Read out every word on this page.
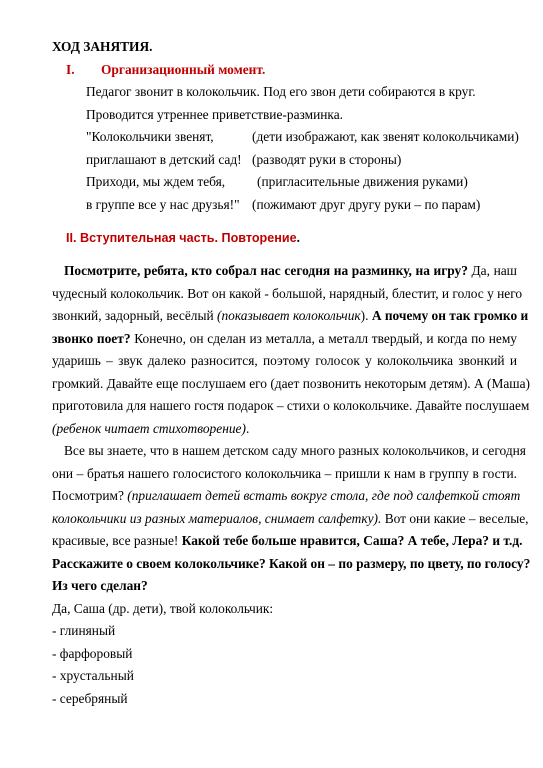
ХОД ЗАНЯТИЯ.
I. Организационный момент.
Педагог звонит в колокольчик. Под его звон дети собираются в круг.
Проводится утреннее приветствие-разминка.
"Колокольчики звенят,	(дети изображают, как звенят колокольчиками)
приглашают в детский сад! (разводят руки в стороны)
Приходи, мы ждем тебя, (пригласительные движения руками)
в группе все у нас друзья!" (пожимают друг другу руки – по парам)
II. Вступительная часть. Повторение.
Посмотрите, ребята, кто собрал нас сегодня на разминку, на игру? Да, наш
чудесный колокольчик. Вот он какой - большой, нарядный, блестит, и голос у него
звонкий, задорный, весёлый (показывает колокольчик). А почему он так громко и
звонко поет? Конечно, он сделан из металла, а металл твердый, и когда по нему
ударишь – звук далеко разносится, поэтому голосок у колокольчика звонкий и
громкий. Давайте еще послушаем его (дает позвонить некоторым детям). А (Маша)
приготовила для нашего гостя подарок – стихи о колокольчике. Давайте послушаем
(ребенок читает стихотворение).
Все вы знаете, что в нашем детском саду много разных колокольчиков, и сегодня
они – братья нашего голосистого колокольчика – пришли к нам в группу в гости.
Посмотрим? (приглашает детей встать вокруг стола, где под салфеткой стоят
колокольчики из разных материалов, снимает салфетку). Вот они какие – веселые,
красивые, все разные! Какой тебе больше нравится, Саша? А тебе, Лера? и т.д.
Расскажите о своем колокольчике? Какой он – по размеру, по цвету, по голосу?
Из чего сделан?
Да, Саша (др. дети), твой колокольчик:
- глиняный
- фарфоровый
- хрустальный
- серебряный
